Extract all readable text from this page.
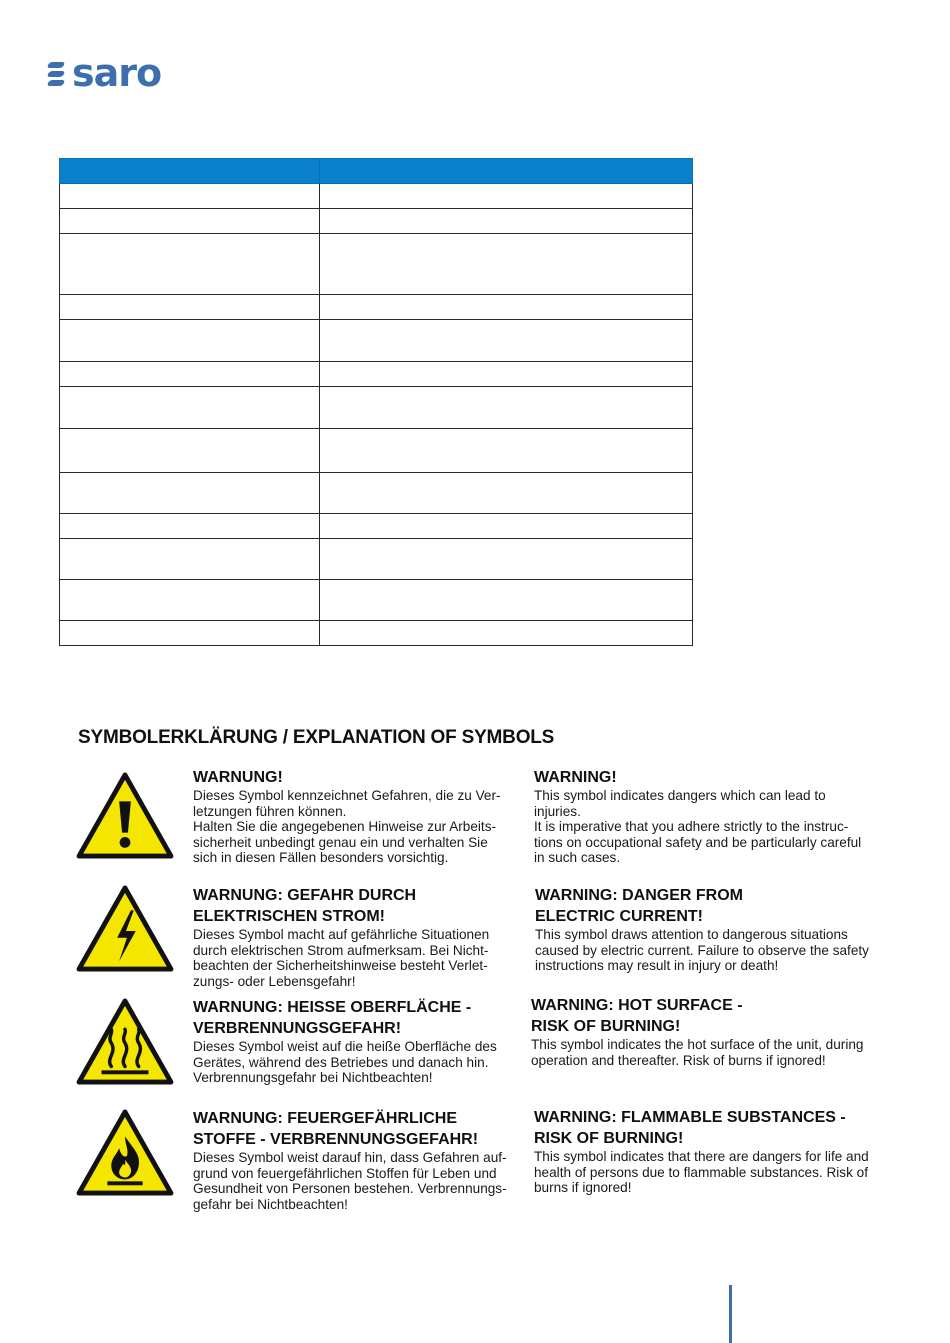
saro

SYMBOLERKLÄRUNG / EXPLANATION OF SYMBOLS
WARNUNG!
Dieses Symbol kennzeichnet Gefahren, die zu Ver-
letzungen führen können.
Halten Sie die angegebenen Hinweise zur Arbeits-
sicherheit unbedingt genau ein und verhalten Sie
sich in diesen Fällen besonders vorsichtig.
WARNING!
This symbol indicates dangers which can lead to
injuries.
It is imperative that you adhere strictly to the instruc-
tions on occupational safety and be particularly careful
in such cases.
WARNUNG: GEFAHR DURCH
ELEKTRISCHEN STROM!
Dieses Symbol macht auf gefährliche Situationen
durch elektrischen Strom aufmerksam. Bei Nicht-
beachten der Sicherheitshinweise besteht Verlet-
zungs- oder Lebensgefahr!
WARNING: DANGER FROM
ELECTRIC CURRENT!
This symbol draws attention to dangerous situations
caused by electric current. Failure to observe the safety
instructions may result in injury or death!
WARNUNG: HEISSE OBERFLÄCHE -
VERBRENNUNGSGEFAHR!
Dieses Symbol weist auf die heiße Oberfläche des
Gerätes, während des Betriebes und danach hin.
Verbrennungsgefahr bei Nichtbeachten!
WARNING: HOT SURFACE -
RISK OF BURNING!
This symbol indicates the hot surface of the unit, during
operation and thereafter. Risk of burns if ignored!
WARNUNG: FEUERGEFÄHRLICHE
STOFFE - VERBRENNUNGSGEFAHR!
Dieses Symbol weist darauf hin, dass Gefahren auf-
grund von feuergefährlichen Stoffen für Leben und
Gesundheit von Personen bestehen. Verbrennungs-
gefahr bei Nichtbeachten!
WARNING: FLAMMABLE SUBSTANCES -
RISK OF BURNING!
This symbol indicates that there are dangers for life and
health of persons due to flammable substances. Risk of
burns if ignored!
